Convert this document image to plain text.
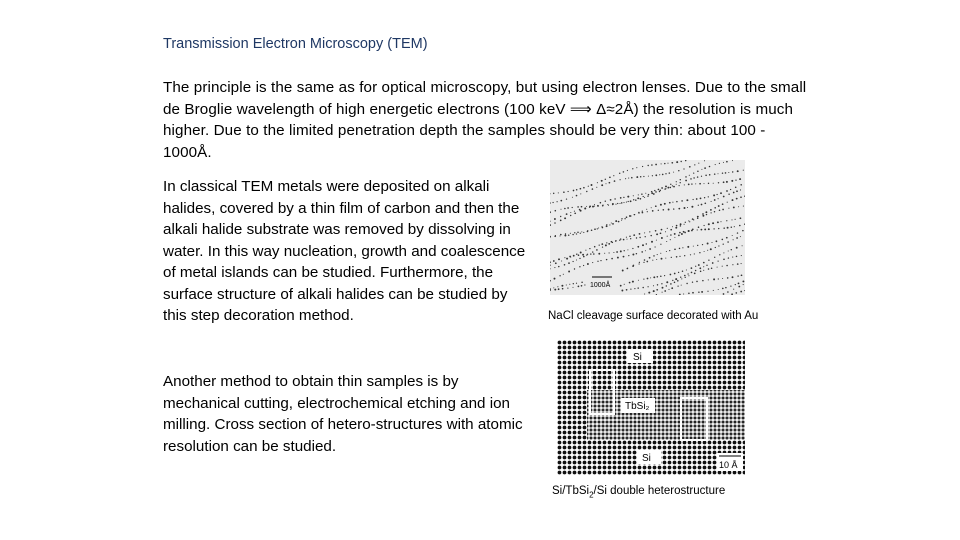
Transmission Electron Microscopy (TEM)
The principle is the same as for optical microscopy, but using electron lenses. Due to the small de Broglie wavelength of high energetic electrons (100 keV ⟹ Δ≈2Å) the resolution is much higher. Due to the limited penetration depth the samples should be very thin: about 100 - 1000Å.
In classical TEM metals were deposited on alkali halides, covered by a thin film of carbon and then the alkali halide substrate was removed by dissolving in water. In this way nucleation, growth and coalescence of metal islands can be studied. Furthermore, the surface structure of alkali halides can be studied by this step decoration method.
Another method to obtain thin samples is by mechanical cutting, electrochemical etching and ion milling. Cross section of hetero-structures with atomic resolution can be studied.
1000Å
NaCl cleavage surface decorated with Au
Si
TbSi₂
Si
10 Å
Si/TbSi$_2$/Si double heterostructure
